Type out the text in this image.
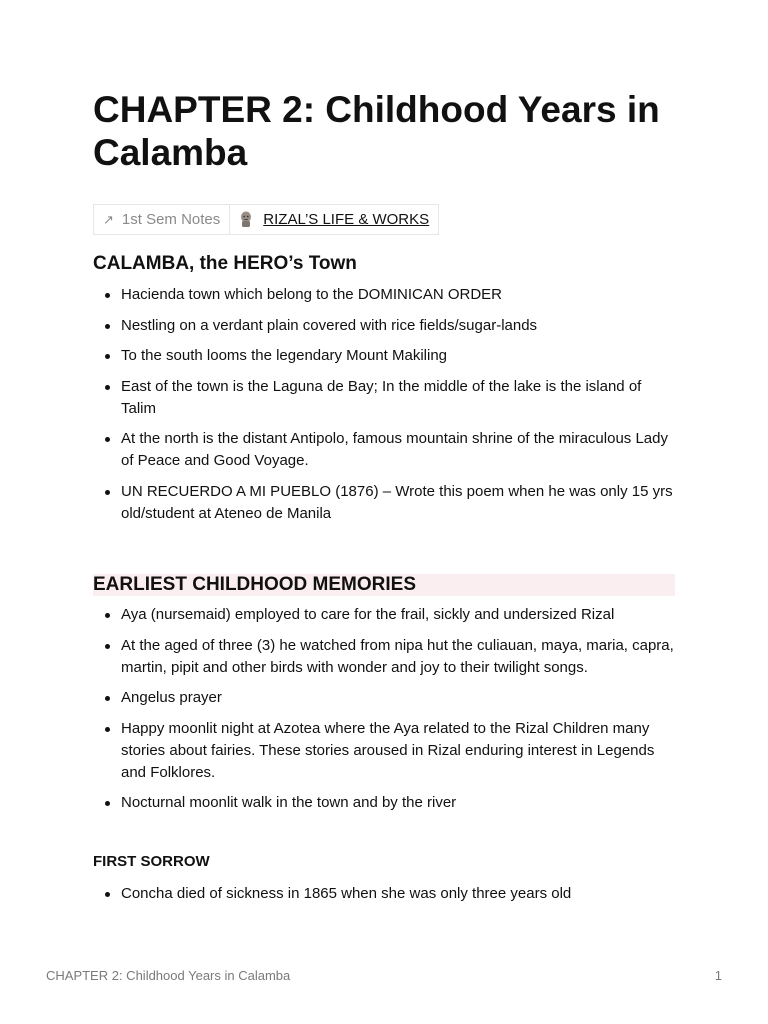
CHAPTER 2: Childhood Years in Calamba
↗ 1st Sem Notes	RIZAL’S LIFE & WORKS
CALAMBA, the HERO’s Town
Hacienda town which belong to the DOMINICAN ORDER
Nestling on a verdant plain covered with rice fields/sugar-lands
To the south looms the legendary Mount Makiling
East of the town is the Laguna de Bay; In the middle of the lake is the island of Talim
At the north is the distant Antipolo, famous mountain shrine of the miraculous Lady of Peace and Good Voyage.
UN RECUERDO A MI PUEBLO (1876) – Wrote this poem when he was only 15 yrs old/student at Ateneo de Manila
EARLIEST CHILDHOOD MEMORIES
Aya (nursemaid) employed to care for the frail, sickly and undersized Rizal
At the aged of three (3) he watched from nipa hut the culiauan, maya, maria, capra, martin, pipit and other birds with wonder and joy to their twilight songs.
Angelus prayer
Happy moonlit night at Azotea where the Aya related to the Rizal Children many stories about fairies. These stories aroused in Rizal enduring interest in Legends and Folklores.
Nocturnal moonlit walk in the town and by the river
FIRST SORROW
Concha died of sickness in 1865 when she was only three years old
CHAPTER 2: Childhood Years in Calamba	1
